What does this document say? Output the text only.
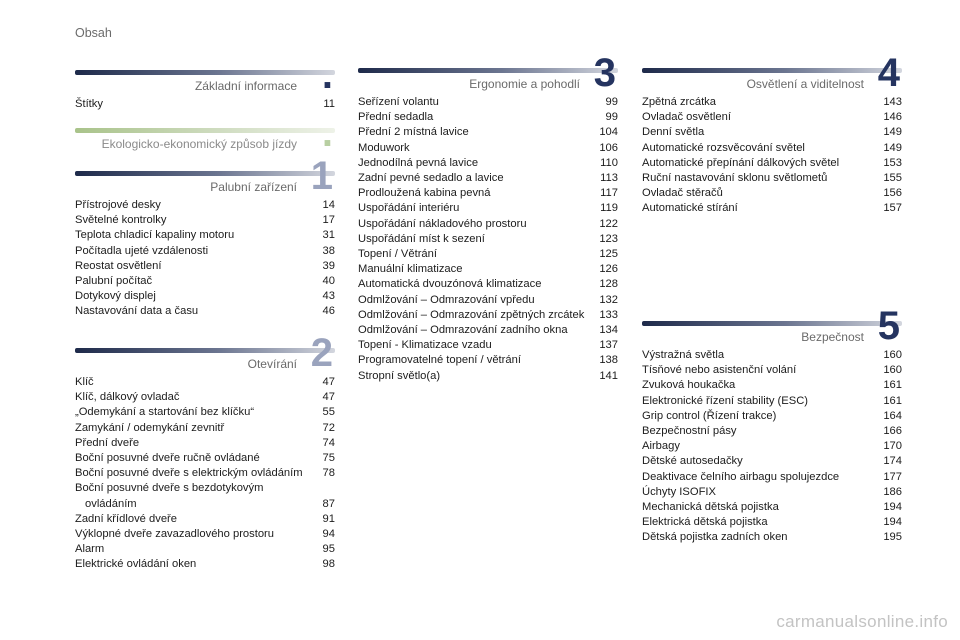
Obsah
Základní informace .
Štítky	11
Ekologicko-ekonomický způsob jízdy .
Palubní zařízení 1
Přístrojové desky	14
Světelné kontrolky	17
Teplota chladicí kapaliny motoru	31
Počítadla ujeté vzdálenosti	38
Reostat osvětlení	39
Palubní počítač	40
Dotykový displej	43
Nastavování data a času	46
Otevírání 2
Klíč	47
Klíč, dálkový ovladač	47
„Odemykání a startování bez klíčku“	55
Zamykání / odemykání zevnitř	72
Přední dveře	74
Boční posuvné dveře ručně ovládané	75
Boční posuvné dveře s elektrickým ovládáním	78
Boční posuvné dveře s bezdotykovým ovládáním	87
Zadní křídlové dveře	91
Výklopné dveře zavazadlového prostoru	94
Alarm	95
Elektrické ovládání oken	98
Ergonomie a pohodlí 3
Seřízení volantu	99
Přední sedadla	99
Přední 2 místná lavice	104
Moduwork	106
Jednodílná pevná lavice	110
Zadní pevné sedadlo a lavice	113
Prodloužená kabina pevná	117
Uspořádání interiéru	119
Uspořádání nákladového prostoru	122
Uspořádání míst k sezení	123
Topení / Větrání	125
Manuální klimatizace	126
Automatická dvouzónová klimatizace	128
Odmlžování – Odmrazování vpředu	132
Odmlžování – Odmrazování zpětných zrcátek	133
Odmlžování – Odmrazování zadního okna	134
Topení - Klimatizace vzadu	137
Programovatelné topení / větrání	138
Stropní světlo(a)	141
Osvětlení a viditelnost 4
Zpětná zrcátka	143
Ovladač osvětlení	146
Denní světla	149
Automatické rozsvěcování světel	149
Automatické přepínání dálkových světel	153
Ruční nastavování sklonu světlometů	155
Ovladač stěračů	156
Automatické stírání	157
Bezpečnost 5
Výstražná světla	160
Tísňové nebo asistenční volání	160
Zvuková houkačka	161
Elektronické řízení stability (ESC)	161
Grip control (Řízení trakce)	164
Bezpečnostní pásy	166
Airbagy	170
Dětské autosedačky	174
Deaktivace čelního airbagu spolujezdce	177
Úchyty ISOFIX	186
Mechanická dětská pojistka	194
Elektrická dětská pojistka	194
Dětská pojistka zadních oken	195
carmanualsonline.info
